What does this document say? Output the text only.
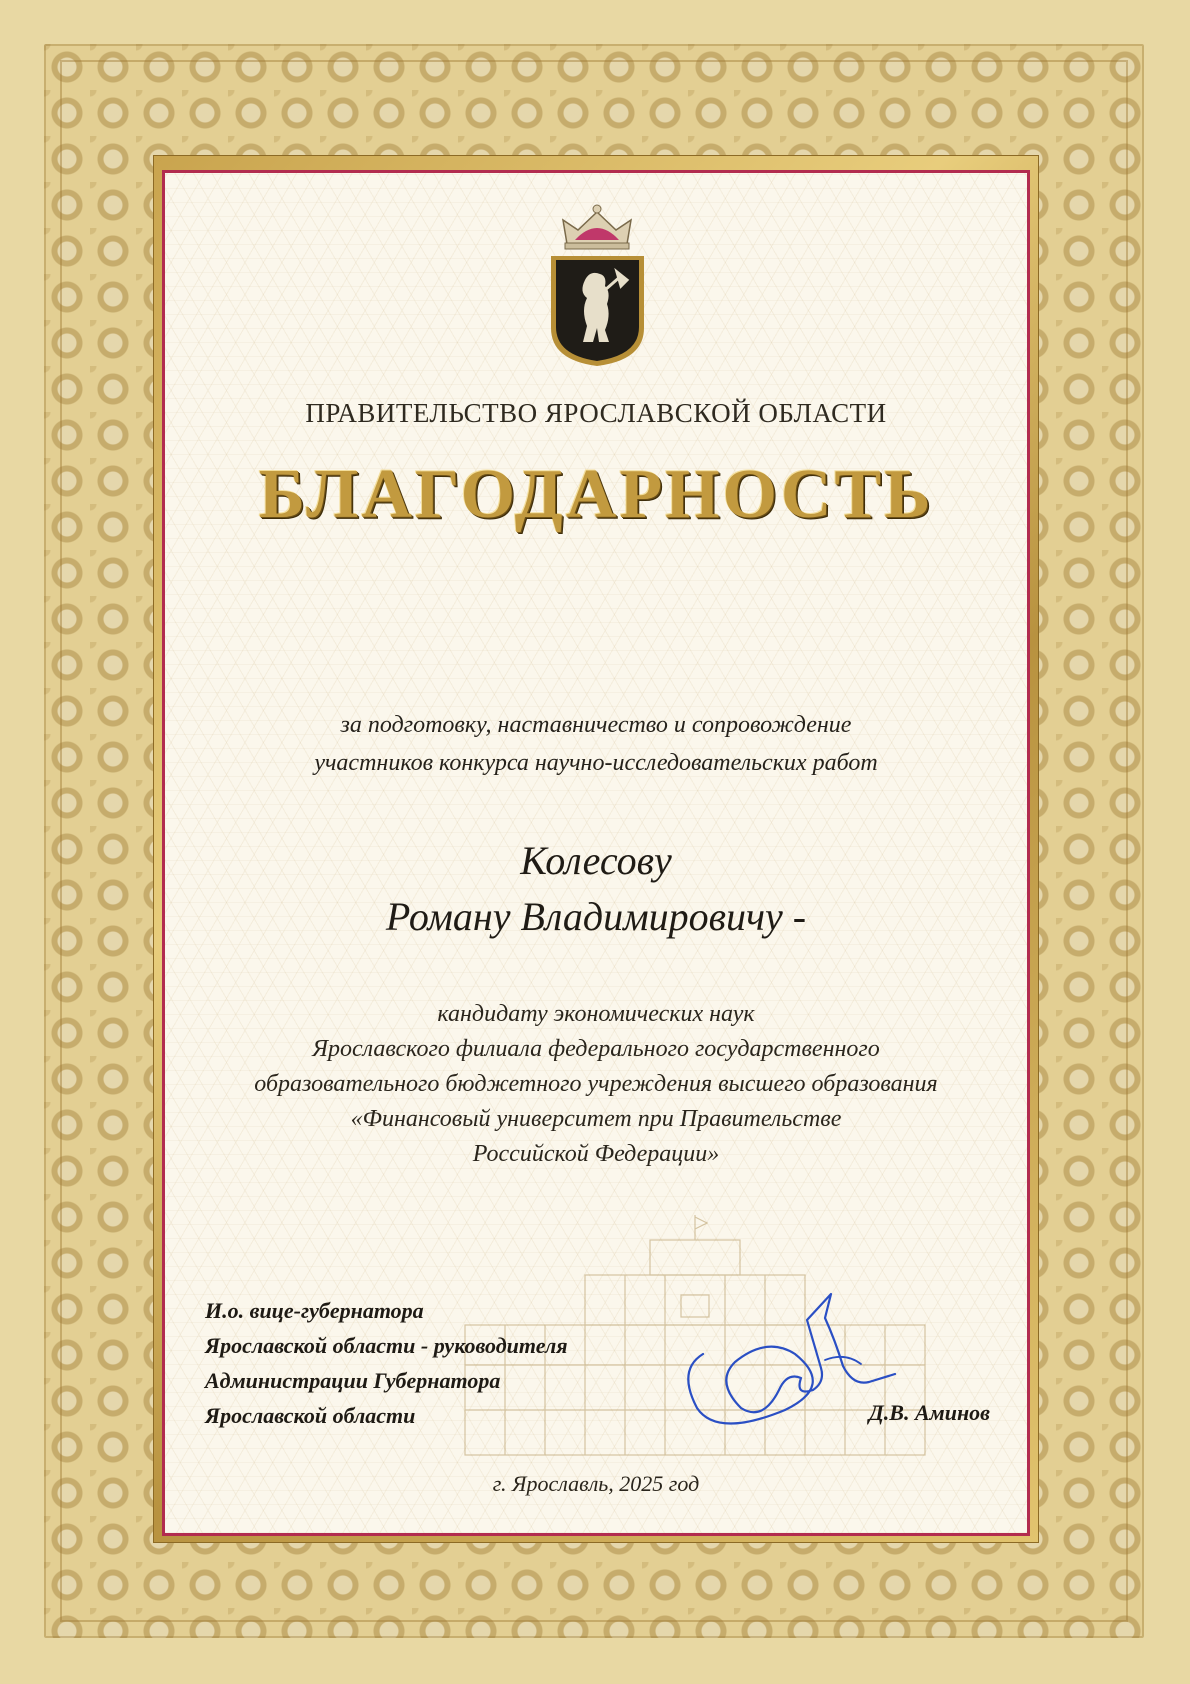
ПРАВИТЕЛЬСТВО ЯРОСЛАВСКОЙ ОБЛАСТИ
БЛАГОДАРНОСТЬ
за подготовку, наставничество и сопровождение
участников конкурса научно-исследовательских работ
Колесову
Роману Владимировичу -
кандидату экономических наук
Ярославского филиала федерального государственного
образовательного бюджетного учреждения высшего образования
«Финансовый университет при Правительстве
Российской Федерации»
И.о. вице-губернатора
Ярославской области - руководителя
Администрации Губернатора
Ярославской области	Д.В. Аминов
г. Ярославль, 2025 год
